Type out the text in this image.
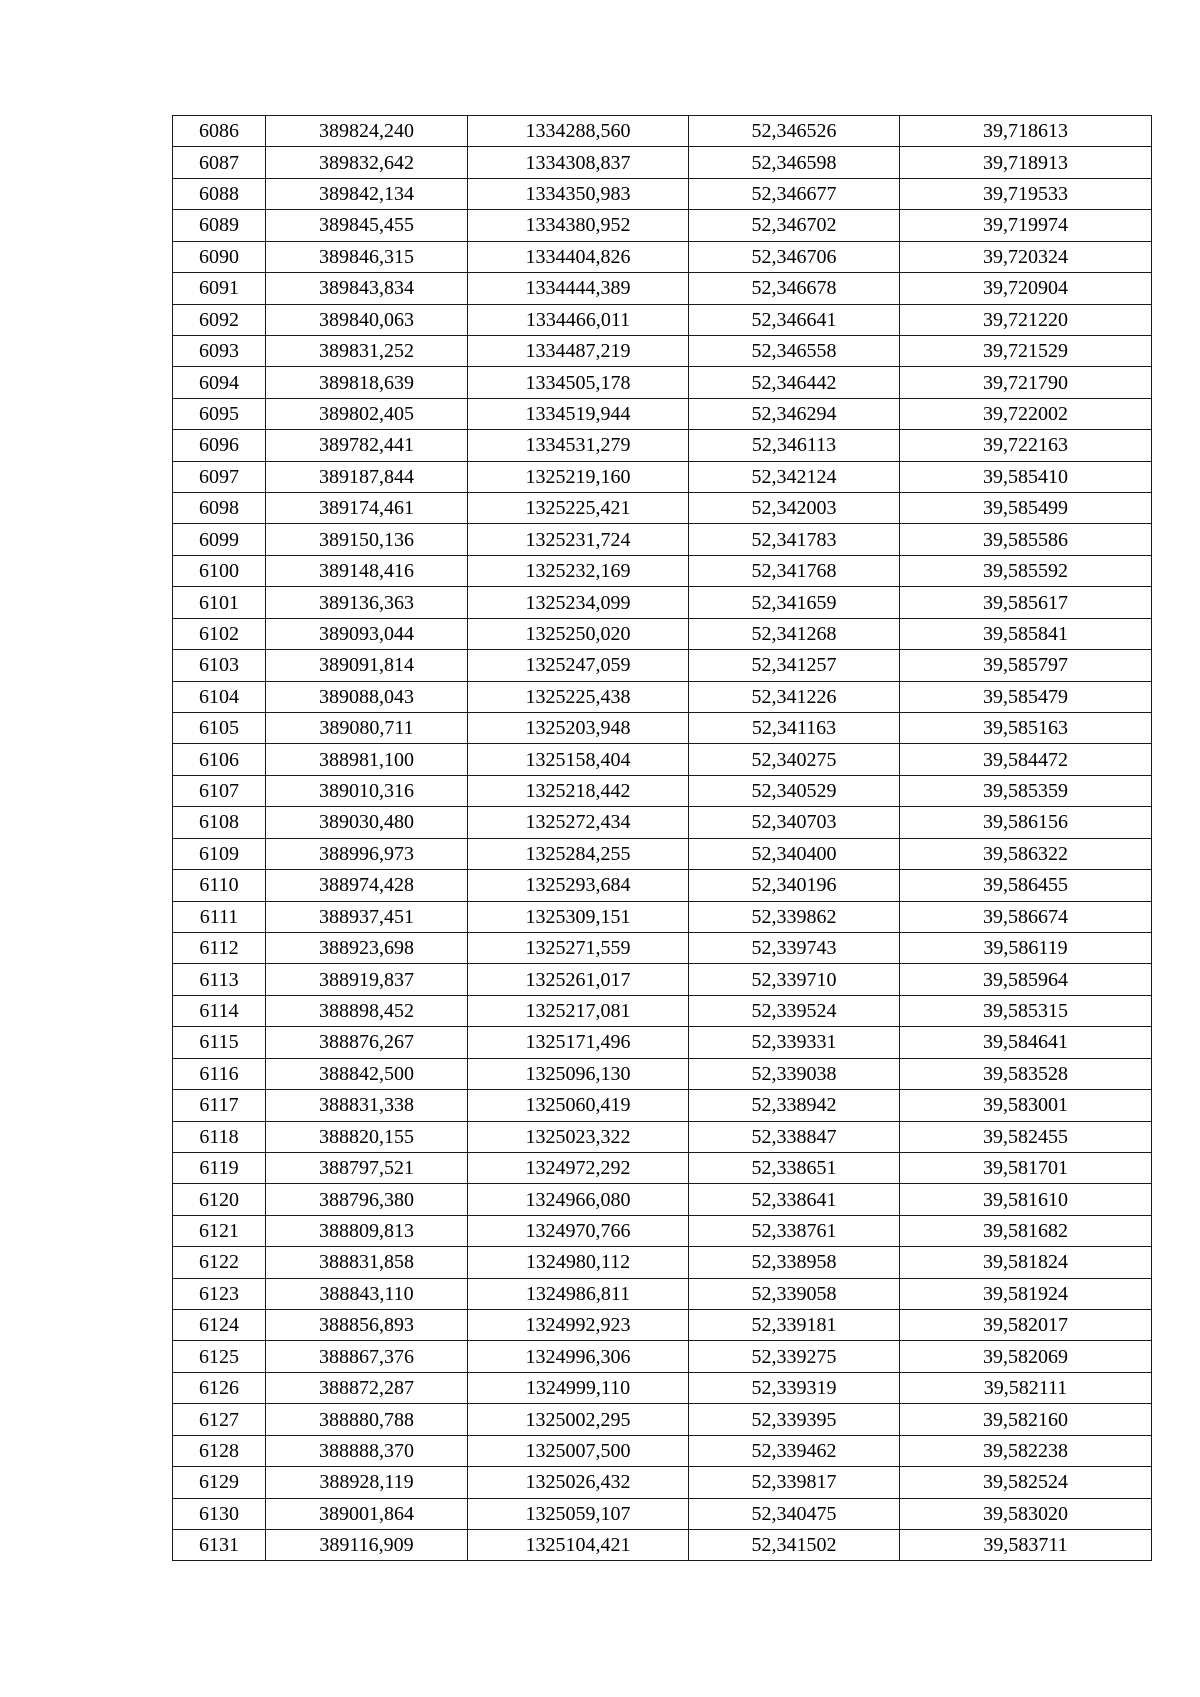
6086	389824,240	1334288,560	52,346526	39,718613
6087	389832,642	1334308,837	52,346598	39,718913
6088	389842,134	1334350,983	52,346677	39,719533
6089	389845,455	1334380,952	52,346702	39,719974
6090	389846,315	1334404,826	52,346706	39,720324
6091	389843,834	1334444,389	52,346678	39,720904
6092	389840,063	1334466,011	52,346641	39,721220
6093	389831,252	1334487,219	52,346558	39,721529
6094	389818,639	1334505,178	52,346442	39,721790
6095	389802,405	1334519,944	52,346294	39,722002
6096	389782,441	1334531,279	52,346113	39,722163
6097	389187,844	1325219,160	52,342124	39,585410
6098	389174,461	1325225,421	52,342003	39,585499
6099	389150,136	1325231,724	52,341783	39,585586
6100	389148,416	1325232,169	52,341768	39,585592
6101	389136,363	1325234,099	52,341659	39,585617
6102	389093,044	1325250,020	52,341268	39,585841
6103	389091,814	1325247,059	52,341257	39,585797
6104	389088,043	1325225,438	52,341226	39,585479
6105	389080,711	1325203,948	52,341163	39,585163
6106	388981,100	1325158,404	52,340275	39,584472
6107	389010,316	1325218,442	52,340529	39,585359
6108	389030,480	1325272,434	52,340703	39,586156
6109	388996,973	1325284,255	52,340400	39,586322
6110	388974,428	1325293,684	52,340196	39,586455
6111	388937,451	1325309,151	52,339862	39,586674
6112	388923,698	1325271,559	52,339743	39,586119
6113	388919,837	1325261,017	52,339710	39,585964
6114	388898,452	1325217,081	52,339524	39,585315
6115	388876,267	1325171,496	52,339331	39,584641
6116	388842,500	1325096,130	52,339038	39,583528
6117	388831,338	1325060,419	52,338942	39,583001
6118	388820,155	1325023,322	52,338847	39,582455
6119	388797,521	1324972,292	52,338651	39,581701
6120	388796,380	1324966,080	52,338641	39,581610
6121	388809,813	1324970,766	52,338761	39,581682
6122	388831,858	1324980,112	52,338958	39,581824
6123	388843,110	1324986,811	52,339058	39,581924
6124	388856,893	1324992,923	52,339181	39,582017
6125	388867,376	1324996,306	52,339275	39,582069
6126	388872,287	1324999,110	52,339319	39,582111
6127	388880,788	1325002,295	52,339395	39,582160
6128	388888,370	1325007,500	52,339462	39,582238
6129	388928,119	1325026,432	52,339817	39,582524
6130	389001,864	1325059,107	52,340475	39,583020
6131	389116,909	1325104,421	52,341502	39,583711
